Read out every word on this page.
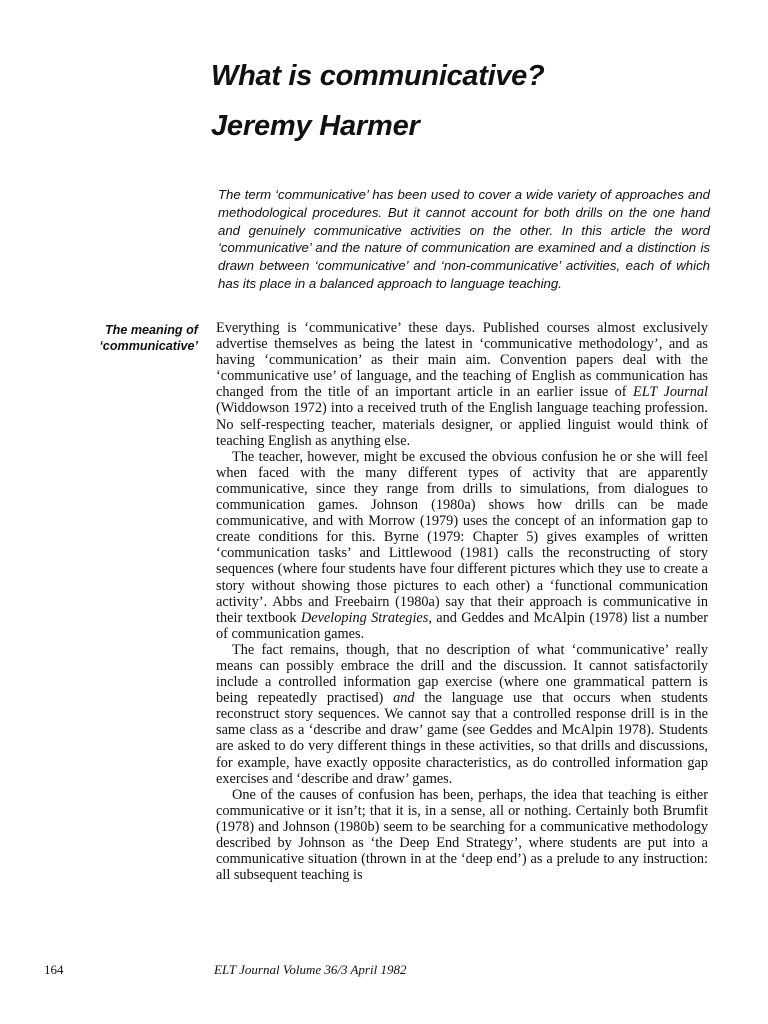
What is communicative?
Jeremy Harmer

The term ‘communicative’ has been used to cover a wide variety of approaches and methodological procedures. But it cannot account for both drills on the one hand and genuinely communicative activities on the other. In this article the word ‘communicative’ and the nature of communication are examined and a distinction is drawn between ‘communicative’ and ‘non-communicative’ activities, each of which has its place in a balanced approach to language teaching.

The meaning of
‘communicative’

Everything is ‘communicative’ these days. Published courses almost exclusively advertise themselves as being the latest in ‘communicative methodology’, and as having ‘communication’ as their main aim. Convention papers deal with the ‘communicative use’ of language, and the teaching of English as communication has changed from the title of an important article in an earlier issue of ELT Journal (Widdowson 1972) into a received truth of the English language teaching profession. No self-respecting teacher, materials designer, or applied linguist would think of teaching English as anything else.

The teacher, however, might be excused the obvious confusion he or she will feel when faced with the many different types of activity that are apparently communicative, since they range from drills to simulations, from dialogues to communication games. Johnson (1980a) shows how drills can be made communicative, and with Morrow (1979) uses the concept of an information gap to create conditions for this. Byrne (1979: Chapter 5) gives examples of written ‘communication tasks’ and Littlewood (1981) calls the reconstructing of story sequences (where four students have four different pictures which they use to create a story without showing those pictures to each other) a ‘functional communication activity’. Abbs and Freebairn (1980a) say that their approach is communicative in their textbook Developing Strategies, and Geddes and McAlpin (1978) list a number of communication games.

The fact remains, though, that no description of what ‘communicative’ really means can possibly embrace the drill and the discussion. It cannot satisfactorily include a controlled information gap exercise (where one grammatical pattern is being repeatedly practised) and the language use that occurs when students reconstruct story sequences. We cannot say that a controlled response drill is in the same class as a ‘describe and draw’ game (see Geddes and McAlpin 1978). Students are asked to do very different things in these activities, so that drills and discussions, for example, have exactly opposite characteristics, as do controlled information gap exercises and ‘describe and draw’ games.

One of the causes of confusion has been, perhaps, the idea that teaching is either communicative or it isn’t; that it is, in a sense, all or nothing. Certainly both Brumfit (1978) and Johnson (1980b) seem to be searching for a communicative methodology described by Johnson as ‘the Deep End Strategy’, where students are put into a communicative situation (thrown in at the ‘deep end’) as a prelude to any instruction: all subsequent teaching is

164	ELT Journal Volume 36/3 April 1982
